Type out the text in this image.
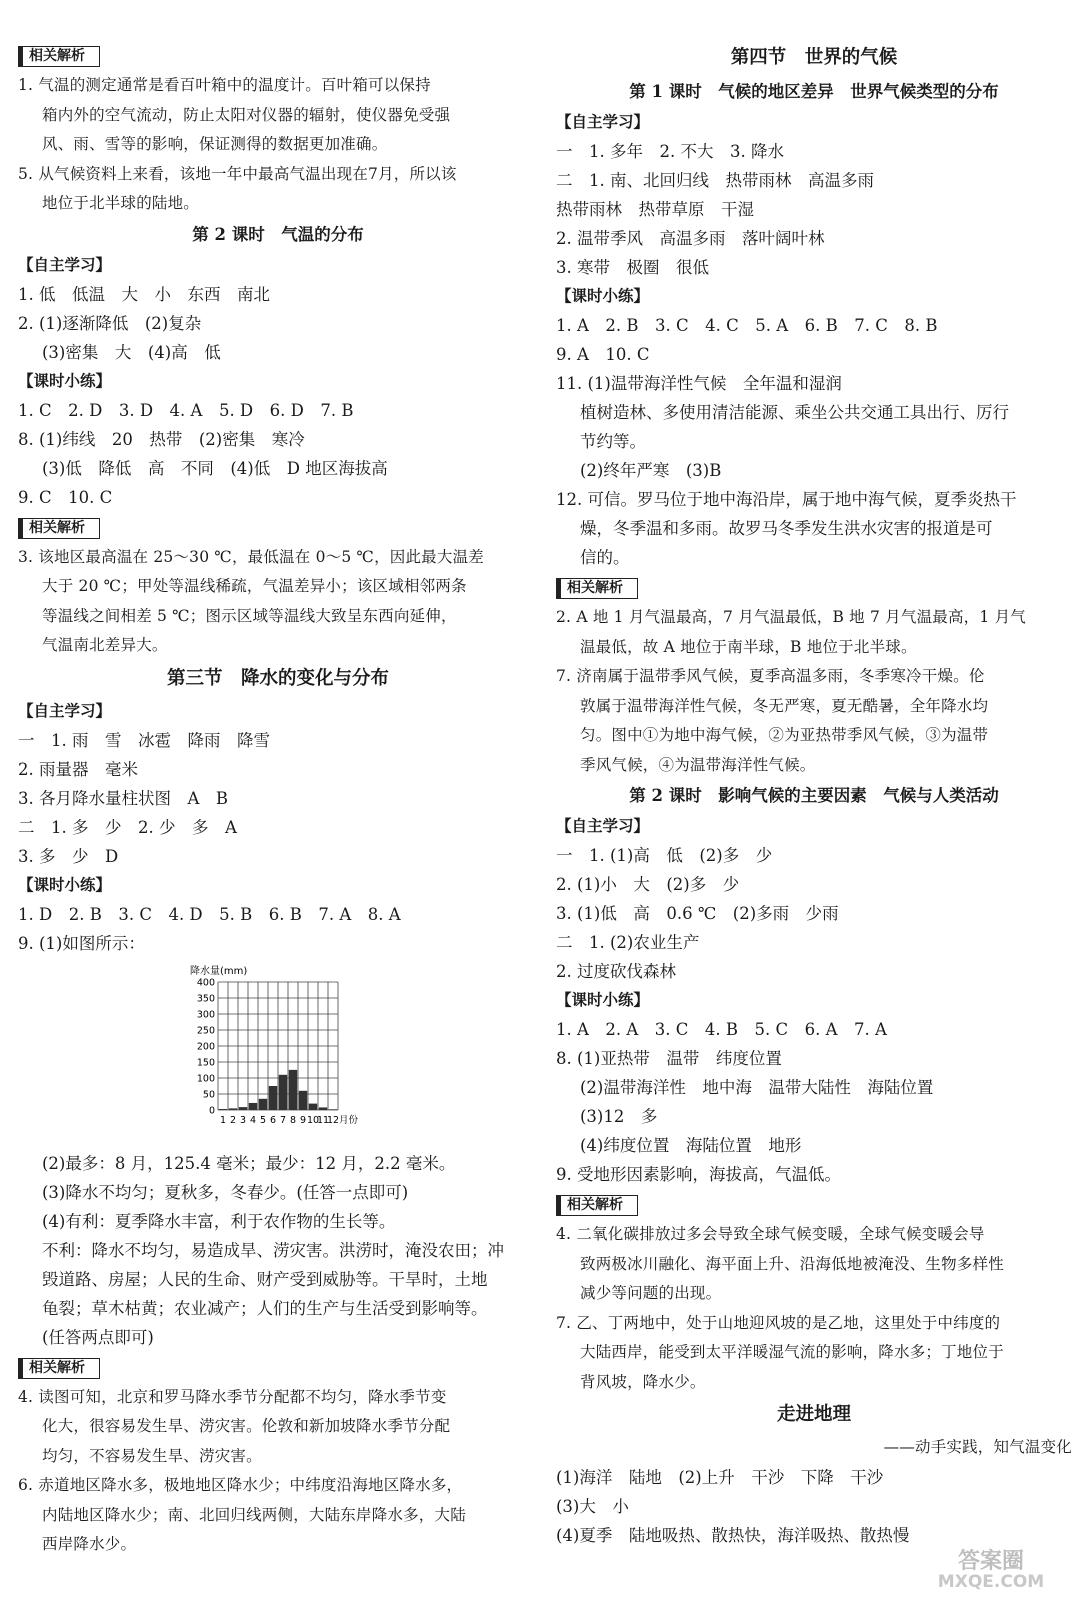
相关解析
1. 气温的测定通常是看百叶箱中的温度计。百叶箱可以保持
箱内外的空气流动，防止太阳对仪器的辐射，使仪器免受强
风、雨、雪等的影响，保证测得的数据更加准确。
5. 从气候资料上来看，该地一年中最高气温出现在7月，所以该
地位于北半球的陆地。
第 2 课时　气温的分布
【自主学习】
1. 低　低温　大　小　东西　南北
2. (1)逐渐降低　(2)复杂
(3)密集　大　(4)高　低
【课时小练】
1. C　2. D　3. D　4. A　5. D　6. D　7. B
8. (1)纬线　20　热带　(2)密集　寒冷
(3)低　降低　高　不同　(4)低　D 地区海拔高
9. C　10. C
相关解析
3. 该地区最高温在 25～30 ℃，最低温在 0～5 ℃，因此最大温差
大于 20 ℃；甲处等温线稀疏，气温差异小；该区域相邻两条
等温线之间相差 5 ℃；图示区域等温线大致呈东西向延伸，
气温南北差异大。
第三节　降水的变化与分布
【自主学习】
一　1. 雨　雪　冰雹　降雨　降雪
2. 雨量器　毫米
3. 各月降水量柱状图　A　B
二　1. 多　少　2. 少　多　A
3. 多　少　D
【课时小练】
1. D　2. B　3. C　4. D　5. B　6. B　7. A　8. A
9. (1)如图所示：
降水量(mm)
0
50
100
150
200
250
300
350
400
1 2 3 4 5 6 7 8 9 10
11
12 月份
(2)最多：8 月，125.4 毫米；最少：12 月，2.2 毫米。
(3)降水不均匀；夏秋多，冬春少。(任答一点即可)
(4)有利：夏季降水丰富，利于农作物的生长等。
不利：降水不均匀，易造成旱、涝灾害。洪涝时，淹没农田；冲
毁道路、房屋；人民的生命、财产受到威胁等。干旱时，土地
龟裂；草木枯黄；农业减产；人们的生产与生活受到影响等。
(任答两点即可)
相关解析
4. 读图可知，北京和罗马降水季节分配都不均匀，降水季节变
化大，很容易发生旱、涝灾害。伦敦和新加坡降水季节分配
均匀，不容易发生旱、涝灾害。
6. 赤道地区降水多，极地地区降水少；中纬度沿海地区降水多，
内陆地区降水少；南、北回归线两侧，大陆东岸降水多，大陆
西岸降水少。
第四节　世界的气候
第 1 课时　气候的地区差异　世界气候类型的分布
【自主学习】
一　1. 多年　2. 不大　3. 降水
二　1. 南、北回归线　热带雨林　高温多雨
热带雨林　热带草原　干湿
2. 温带季风　高温多雨　落叶阔叶林
3. 寒带　极圈　很低
【课时小练】
1. A　2. B　3. C　4. C　5. A　6. B　7. C　8. B
9. A　10. C
11. (1)温带海洋性气候　全年温和湿润
植树造林、多使用清洁能源、乘坐公共交通工具出行、厉行
节约等。
(2)终年严寒　(3)B
12. 可信。罗马位于地中海沿岸，属于地中海气候，夏季炎热干
燥，冬季温和多雨。故罗马冬季发生洪水灾害的报道是可
信的。
相关解析
2. A 地 1 月气温最高，7 月气温最低，B 地 7 月气温最高，1 月气
温最低，故 A 地位于南半球，B 地位于北半球。
7. 济南属于温带季风气候，夏季高温多雨，冬季寒冷干燥。伦
敦属于温带海洋性气候，冬无严寒，夏无酷暑，全年降水均
匀。图中①为地中海气候，②为亚热带季风气候，③为温带
季风气候，④为温带海洋性气候。
第 2 课时　影响气候的主要因素　气候与人类活动
【自主学习】
一　1. (1)高　低　(2)多　少
2. (1)小　大　(2)多　少
3. (1)低　高　0.6 ℃　(2)多雨　少雨
二　1. (2)农业生产
2. 过度砍伐森林
【课时小练】
1. A　2. A　3. C　4. B　5. C　6. A　7. A
8. (1)亚热带　温带　纬度位置
(2)温带海洋性　地中海　温带大陆性　海陆位置
(3)12　多
(4)纬度位置　海陆位置　地形
9. 受地形因素影响，海拔高，气温低。
相关解析
4. 二氧化碳排放过多会导致全球气候变暖，全球气候变暖会导
致两极冰川融化、海平面上升、沿海低地被淹没、生物多样性
减少等问题的出现。
7. 乙、丁两地中，处于山地迎风坡的是乙地，这里处于中纬度的
大陆西岸，能受到太平洋暖湿气流的影响，降水多；丁地位于
背风坡，降水少。
走进地理
——动手实践，知气温变化
(1)海洋　陆地　(2)上升　干沙　下降　干沙
(3)大　小
(4)夏季　陆地吸热、散热快，海洋吸热、散热慢
答案圈
MXQE.COM
